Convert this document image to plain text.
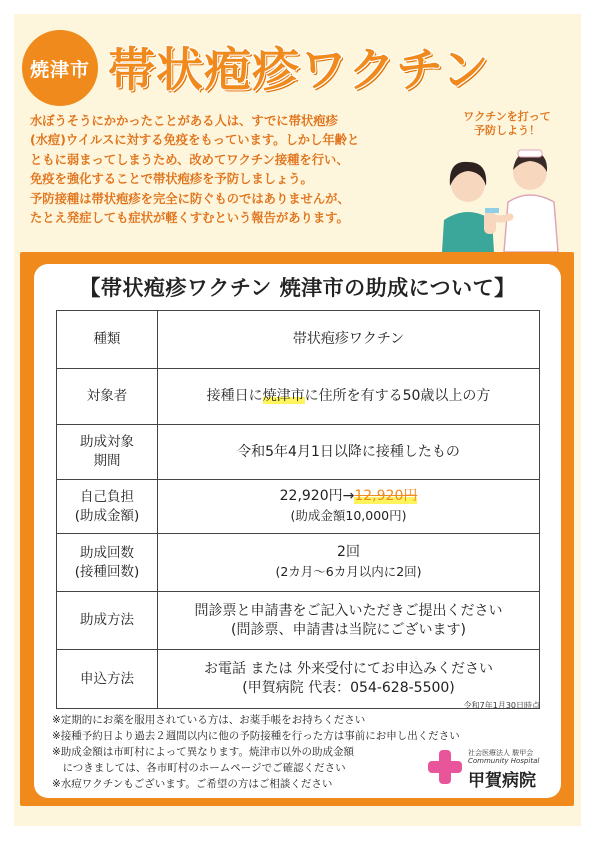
焼津市 帯状疱疹ワクチン

水ぼうそうにかかったことがある人は、すでに帯状疱疹

(水痘)ウイルスに対する免疫をもっています。しかし年齢と

ともに弱まってしまうため、改めてワクチン接種を行い、

免疫を強化することで帯状疱疹を予防しましょう。

予防接種は帯状疱疹を完全に防ぐものではありませんが、

たとえ発症しても症状が軽くすむという報告があります。

ワクチンを打って
予防しよう！
【帯状疱疹ワクチン 焼津市の助成について】
種類	帯状疱疹ワクチン
対象者	接種日に焼津市に住所を有する50歳以上の方
助成対象
期間	令和5年4月1日以降に接種したもの
自己負担
(助成金額)	22,920円→12,920円
(助成金額10,000円)
助成回数
(接種回数)	2回
(2カ月～6カ月以内に2回)
助成方法	問診票と申請書をご記入いただきご提出ください
(問診票、申請書は当院にございます)
申込方法	お電話 または 外来受付にてお申込みください
(甲賀病院 代表：054-628-5500)
令和7年1月30日時点

※定期的にお薬を服用されている方は、お薬手帳をお持ちください

※接種予約日より過去２週間以内に他の予防接種を行った方は事前にお申し出ください

※助成金額は市町村によって異なります。焼津市以外の助成金額

　につきましては、各市町村のホームページでご確認ください

※水痘ワクチンもございます。ご希望の方はご相談ください

社会医療法人 駿甲会
Community Hospital
甲賀病院
